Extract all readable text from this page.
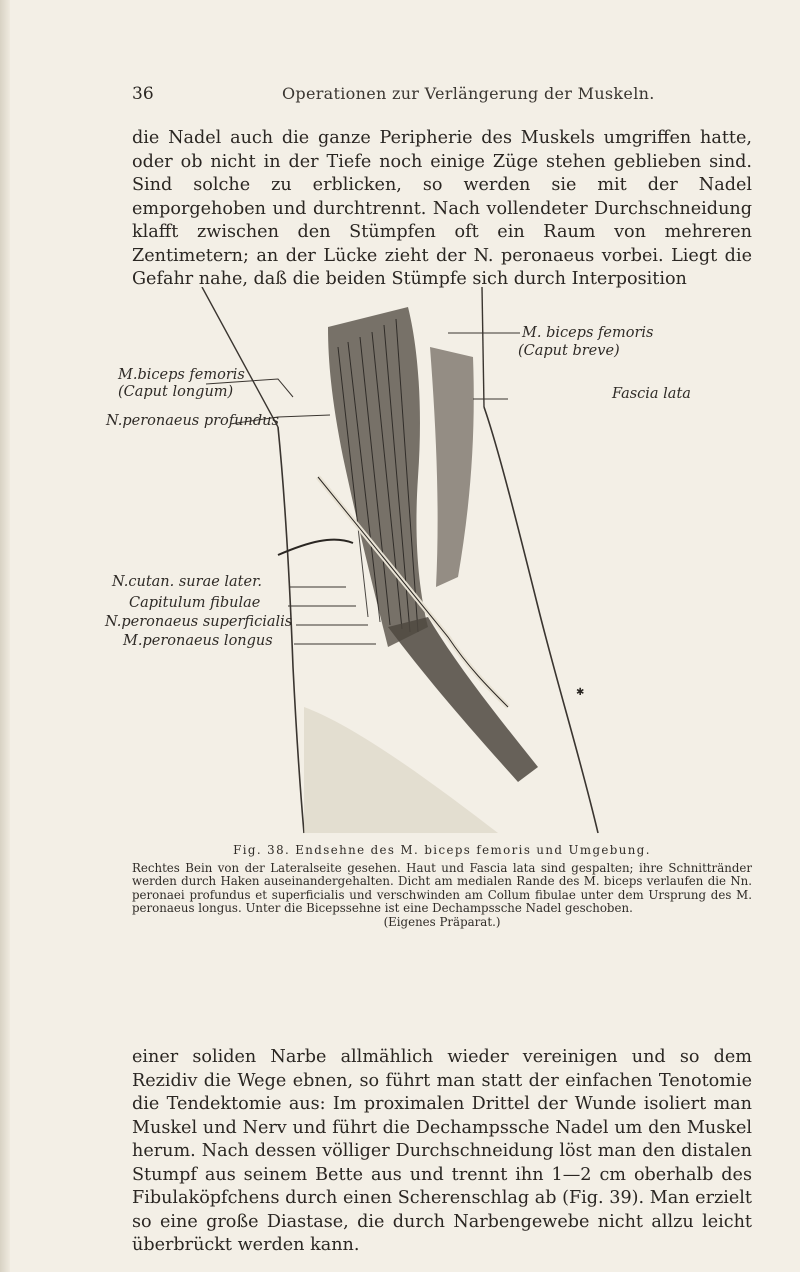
36	Operationen zur Verlängerung der Muskeln.

die Nadel auch die ganze Peripherie des Muskels umgriffen hatte, oder ob nicht in der Tiefe noch einige Züge stehen geblieben sind. Sind solche zu erblicken, so werden sie mit der Nadel emporgehoben und durchtrennt. Nach vollendeter Durchschneidung klafft zwischen den Stümpfen oft ein Raum von mehreren Zentimetern; an der Lücke zieht der N. peronaeus vorbei. Liegt die Gefahr nahe, daß die beiden Stümpfe sich durch Interposition

✱
M.biceps femoris
(Caput longum)
N.peronaeus profundus
N.cutan. surae later.
Capitulum fibulae
N.peronaeus superficialis
M.peronaeus longus
M. biceps femoris
(Caput breve)
Fascia lata

Fig. 38. Endsehne des M. biceps femoris und Umgebung.

Rechtes Bein von der Lateralseite gesehen. Haut und Fascia lata sind gespalten; ihre Schnittränder werden durch Haken auseinandergehalten. Dicht am medialen Rande des M. biceps verlaufen die Nn. peronaei profundus et superficialis und verschwinden am Collum fibulae unter dem Ursprung des M. peronaeus longus. Unter die Bicepssehne ist eine Dechampssche Nadel geschoben.

(Eigenes Präparat.)

einer soliden Narbe allmählich wieder vereinigen und so dem Rezidiv die Wege ebnen, so führt man statt der einfachen Tenotomie die Tendektomie aus: Im proximalen Drittel der Wunde isoliert man Muskel und Nerv und führt die Dechampssche Nadel um den Muskel herum. Nach dessen völliger Durchschneidung löst man den distalen Stumpf aus seinem Bette aus und trennt ihn 1—2 cm oberhalb des Fibulaköpfchens durch einen Scherenschlag ab (Fig. 39). Man erzielt so eine große Diastase, die durch Narbengewebe nicht allzu leicht überbrückt werden kann.
